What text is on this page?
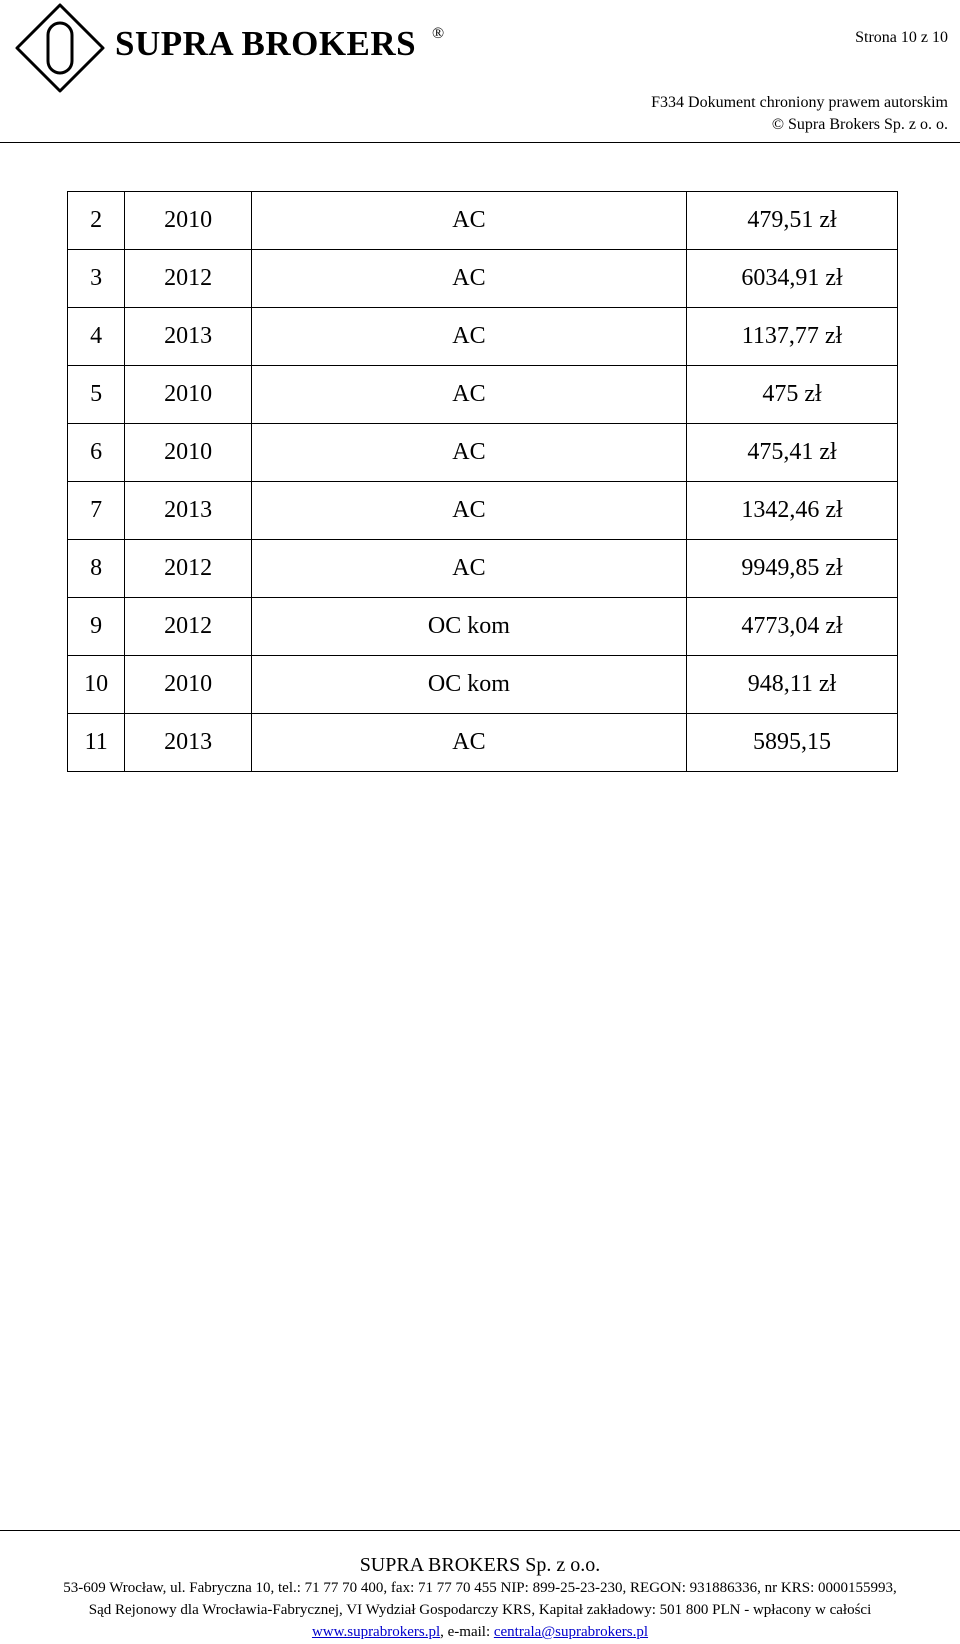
SUPRA BROKERS ®	Strona 10 z 10
F334 Dokument chroniony prawem autorskim
© Supra Brokers Sp. z o. o.
2	2010	AC	479,51 zł
3	2012	AC	6034,91 zł
4	2013	AC	1137,77 zł
5	2010	AC	475 zł
6	2010	AC	475,41 zł
7	2013	AC	1342,46 zł
8	2012	AC	9949,85 zł
9	2012	OC kom	4773,04 zł
10	2010	OC kom	948,11 zł
11	2013	AC	5895,15
SUPRA BROKERS Sp. z o.o.
53-609 Wrocław, ul. Fabryczna 10, tel.: 71 77 70 400, fax: 71 77 70 455 NIP: 899-25-23-230, REGON: 931886336, nr KRS: 0000155993,
Sąd Rejonowy dla Wrocławia-Fabrycznej, VI Wydział Gospodarczy KRS, Kapitał zakładowy: 501 800 PLN - wpłacony w całości
www.suprabrokers.pl, e-mail: centrala@suprabrokers.pl
